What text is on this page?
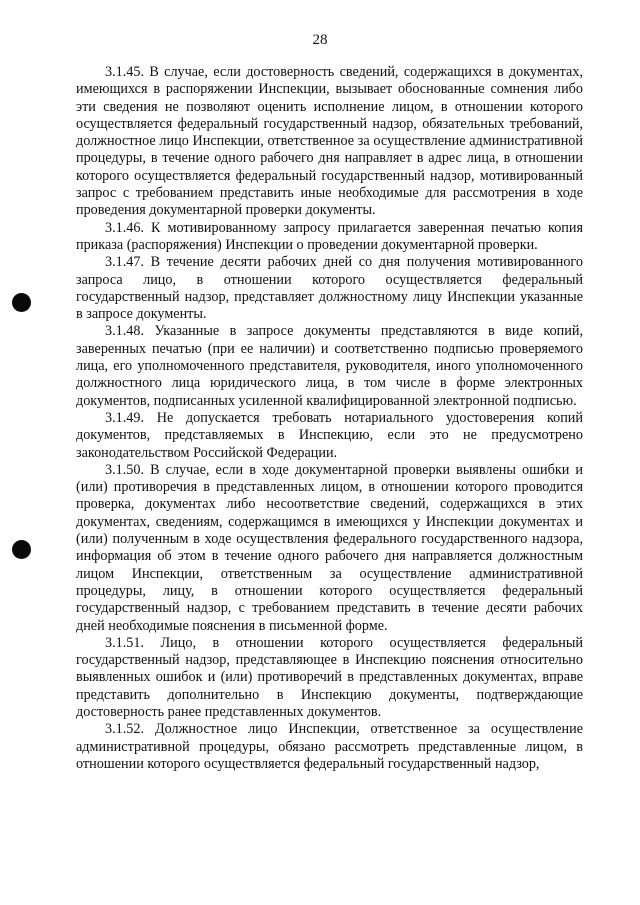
28

3.1.45. В случае, если достоверность сведений, содержащихся в документах, имеющихся в распоряжении Инспекции, вызывает обоснованные сомнения либо эти сведения не позволяют оценить исполнение лицом, в отношении которого осуществляется федеральный государственный надзор, обязательных требований, должностное лицо Инспекции, ответственное за осуществление административной процедуры, в течение одного рабочего дня направляет в адрес лица, в отношении которого осуществляется федеральный государственный надзор, мотивированный запрос с требованием представить иные необходимые для рассмотрения в ходе проведения документарной проверки документы.

3.1.46. К мотивированному запросу прилагается заверенная печатью копия приказа (распоряжения) Инспекции о проведении документарной проверки.

3.1.47. В течение десяти рабочих дней со дня получения мотивированного запроса лицо, в отношении которого осуществляется федеральный государственный надзор, представляет должностному лицу Инспекции указанные в запросе документы.

3.1.48. Указанные в запросе документы представляются в виде копий, заверенных печатью (при ее наличии) и соответственно подписью проверяемого лица, его уполномоченного представителя, руководителя, иного уполномоченного должностного лица юридического лица, в том числе в форме электронных документов, подписанных усиленной квалифицированной электронной подписью.

3.1.49. Не допускается требовать нотариального удостоверения копий документов, представляемых в Инспекцию, если это не предусмотрено законодательством Российской Федерации.

3.1.50. В случае, если в ходе документарной проверки выявлены ошибки и (или) противоречия в представленных лицом, в отношении которого проводится проверка, документах либо несоответствие сведений, содержащихся в этих документах, сведениям, содержащимся в имеющихся у Инспекции документах и (или) полученным в ходе осуществления федерального государственного надзора, информация об этом в течение одного рабочего дня направляется должностным лицом Инспекции, ответственным за осуществление административной процедуры, лицу, в отношении которого осуществляется федеральный государственный надзор, с требованием представить в течение десяти рабочих дней необходимые пояснения в письменной форме.

3.1.51. Лицо, в отношении которого осуществляется федеральный государственный надзор, представляющее в Инспекцию пояснения относительно выявленных ошибок и (или) противоречий в представленных документах, вправе представить дополнительно в Инспекцию документы, подтверждающие достоверность ранее представленных документов.

3.1.52. Должностное лицо Инспекции, ответственное за осуществление административной процедуры, обязано рассмотреть представленные лицом, в отношении которого осуществляется федеральный государственный надзор,
